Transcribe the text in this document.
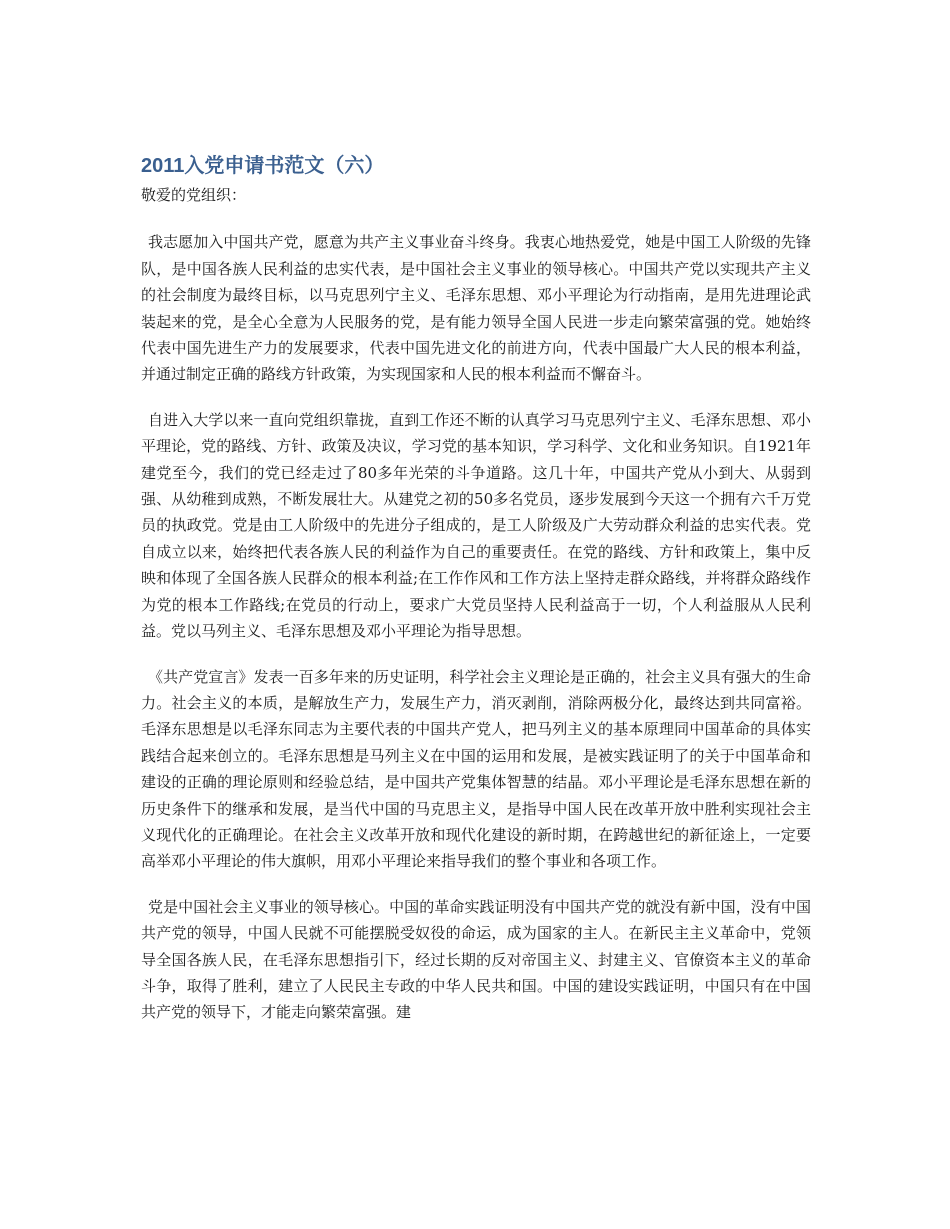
2011入党申请书范文（六）

敬爱的党组织：

我志愿加入中国共产党，愿意为共产主义事业奋斗终身。我衷心地热爱党，她是中国工人阶级的先锋队，是中国各族人民利益的忠实代表，是中国社会主义事业的领导核心。中国共产党以实现共产主义的社会制度为最终目标，以马克思列宁主义、毛泽东思想、邓小平理论为行动指南，是用先进理论武装起来的党，是全心全意为人民服务的党，是有能力领导全国人民进一步走向繁荣富强的党。她始终代表中国先进生产力的发展要求，代表中国先进文化的前进方向，代表中国最广大人民的根本利益，并通过制定正确的路线方针政策，为实现国家和人民的根本利益而不懈奋斗。

自进入大学以来一直向党组织靠拢，直到工作还不断的认真学习马克思列宁主义、毛泽东思想、邓小平理论，党的路线、方针、政策及决议，学习党的基本知识，学习科学、文化和业务知识。自1921年建党至今，我们的党已经走过了80多年光荣的斗争道路。这几十年，中国共产党从小到大、从弱到强、从幼稚到成熟，不断发展壮大。从建党之初的50多名党员，逐步发展到今天这一个拥有六千万党员的执政党。党是由工人阶级中的先进分子组成的，是工人阶级及广大劳动群众利益的忠实代表。党自成立以来，始终把代表各族人民的利益作为自己的重要责任。在党的路线、方针和政策上，集中反映和体现了全国各族人民群众的根本利益;在工作作风和工作方法上坚持走群众路线，并将群众路线作为党的根本工作路线;在党员的行动上，要求广大党员坚持人民利益高于一切，个人利益服从人民利益。党以马列主义、毛泽东思想及邓小平理论为指导思想。

《共产党宣言》发表一百多年来的历史证明，科学社会主义理论是正确的，社会主义具有强大的生命力。社会主义的本质，是解放生产力，发展生产力，消灭剥削，消除两极分化，最终达到共同富裕。毛泽东思想是以毛泽东同志为主要代表的中国共产党人，把马列主义的基本原理同中国革命的具体实践结合起来创立的。毛泽东思想是马列主义在中国的运用和发展，是被实践证明了的关于中国革命和建设的正确的理论原则和经验总结，是中国共产党集体智慧的结晶。邓小平理论是毛泽东思想在新的历史条件下的继承和发展，是当代中国的马克思主义，是指导中国人民在改革开放中胜利实现社会主义现代化的正确理论。在社会主义改革开放和现代化建设的新时期，在跨越世纪的新征途上，一定要高举邓小平理论的伟大旗帜，用邓小平理论来指导我们的整个事业和各项工作。

党是中国社会主义事业的领导核心。中国的革命实践证明没有中国共产党的就没有新中国，没有中国共产党的领导，中国人民就不可能摆脱受奴役的命运，成为国家的主人。在新民主主义革命中，党领导全国各族人民，在毛泽东思想指引下，经过长期的反对帝国主义、封建主义、官僚资本主义的革命斗争，取得了胜利，建立了人民民主专政的中华人民共和国。中国的建设实践证明，中国只有在中国共产党的领导下，才能走向繁荣富强。建
